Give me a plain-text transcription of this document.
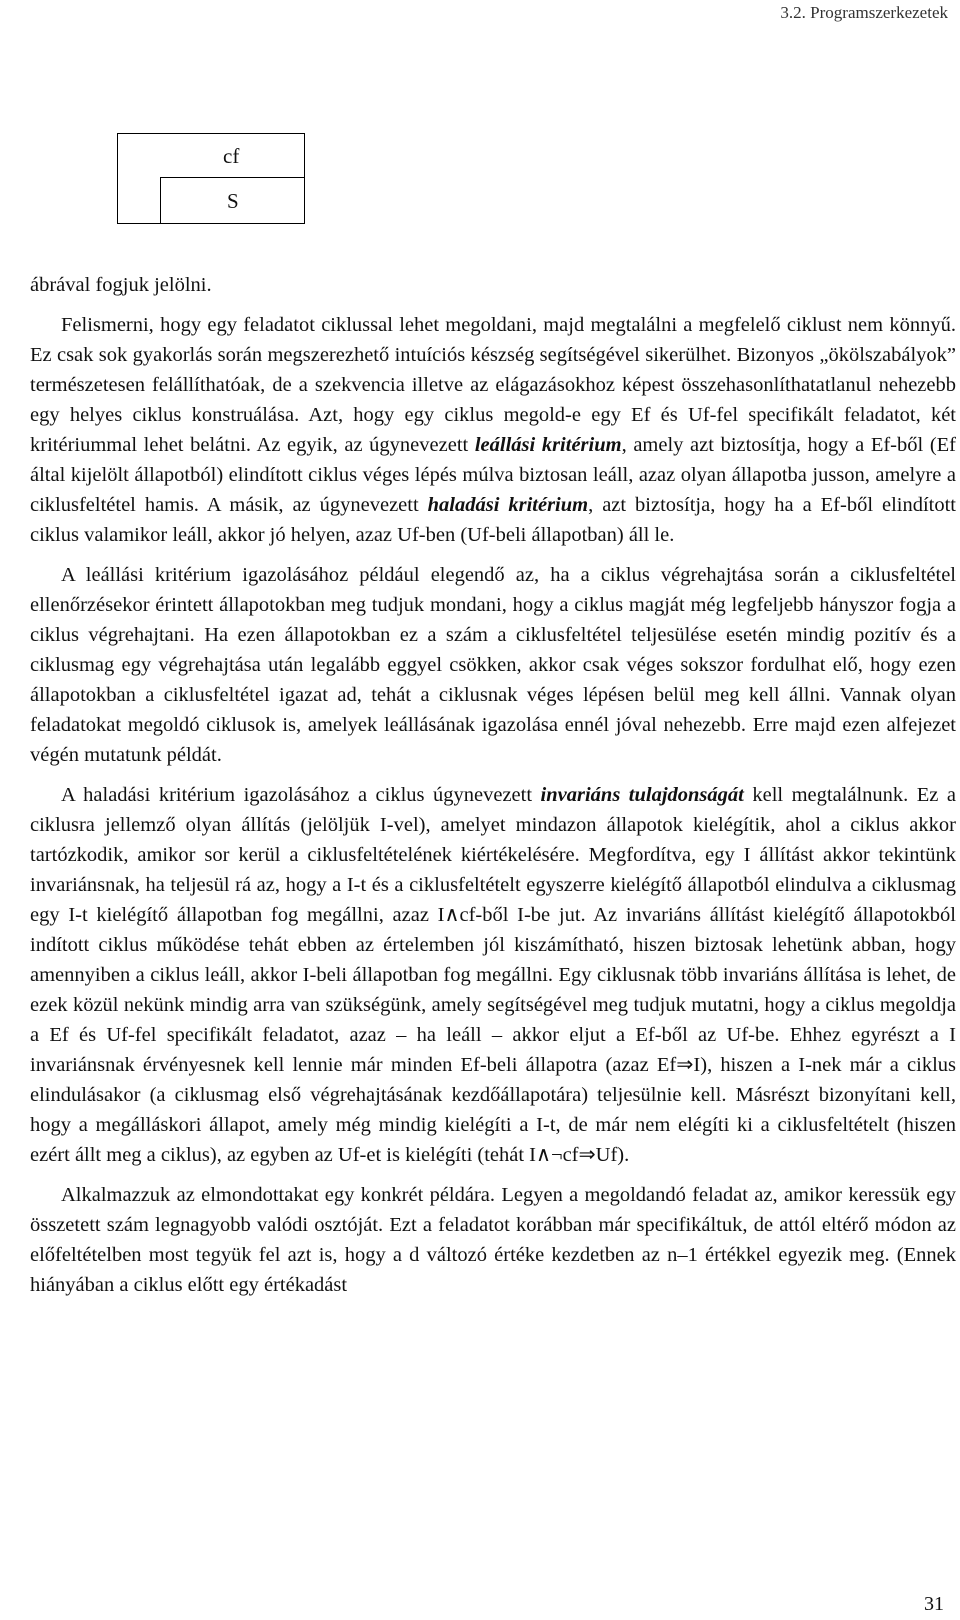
3.2. Programszerkezetek
cf
S

ábrával fogjuk jelölni.

Felismerni, hogy egy feladatot ciklussal lehet megoldani, majd megtalálni a megfelelő ciklust nem könnyű. Ez csak sok gyakorlás során megszerezhető intuíciós készség segítségével sikerülhet. Bizonyos „ökölszabályok” természetesen felállíthatóak, de a szekvencia illetve az elágazásokhoz képest összehasonlíthatatlanul nehezebb egy helyes ciklus konstruálása. Azt, hogy egy ciklus megold-e egy Ef és Uf-fel specifikált feladatot, két kritériummal lehet belátni. Az egyik, az úgynevezett leállási kritérium, amely azt biztosítja, hogy a Ef-ből (Ef által kijelölt állapotból) elindított ciklus véges lépés múlva biztosan leáll, azaz olyan állapotba jusson, amelyre a ciklusfeltétel hamis. A másik, az úgynevezett haladási kritérium, azt biztosítja, hogy ha a Ef-ből elindított ciklus valamikor leáll, akkor jó helyen, azaz Uf-ben (Uf-beli állapotban) áll le.

A leállási kritérium igazolásához például elegendő az, ha a ciklus végrehajtása során a ciklusfeltétel ellenőrzésekor érintett állapotokban meg tudjuk mondani, hogy a ciklus magját még legfeljebb hányszor fogja a ciklus végrehajtani. Ha ezen állapotokban ez a szám a ciklusfeltétel teljesülése esetén mindig pozitív és a ciklusmag egy végrehajtása után legalább eggyel csökken, akkor csak véges sokszor fordulhat elő, hogy ezen állapotokban a ciklusfeltétel igazat ad, tehát a ciklusnak véges lépésen belül meg kell állni. Vannak olyan feladatokat megoldó ciklusok is, amelyek leállásának igazolása ennél jóval nehezebb. Erre majd ezen alfejezet végén mutatunk példát.

A haladási kritérium igazolásához a ciklus úgynevezett invariáns tulajdonságát kell megtalálnunk. Ez a ciklusra jellemző olyan állítás (jelöljük I-vel), amelyet mindazon állapotok kielégítik, ahol a ciklus akkor tartózkodik, amikor sor kerül a ciklusfeltételének kiértékelésére. Megfordítva, egy I állítást akkor tekintünk invariánsnak, ha teljesül rá az, hogy a I-t és a ciklusfeltételt egyszerre kielégítő állapotból elindulva a ciklusmag egy I-t kielégítő állapotban fog megállni, azaz I∧cf-ből I-be jut. Az invariáns állítást kielégítő állapotokból indított ciklus működése tehát ebben az értelemben jól kiszámítható, hiszen biztosak lehetünk abban, hogy amennyiben a ciklus leáll, akkor I-beli állapotban fog megállni. Egy ciklusnak több invariáns állítása is lehet, de ezek közül nekünk mindig arra van szükségünk, amely segítségével meg tudjuk mutatni, hogy a ciklus megoldja a Ef és Uf-fel specifikált feladatot, azaz – ha leáll – akkor eljut a Ef-ből az Uf-be. Ehhez egyrészt a I invariánsnak érvényesnek kell lennie már minden Ef-beli állapotra (azaz Ef⇒I), hiszen a I-nek már a ciklus elindulásakor (a ciklusmag első végrehajtásának kezdőállapotára) teljesülnie kell. Másrészt bizonyítani kell, hogy a megálláskori állapot, amely még mindig kielégíti a I-t, de már nem elégíti ki a ciklusfeltételt (hiszen ezért állt meg a ciklus), az egyben az Uf-et is kielégíti (tehát I∧¬cf⇒Uf).

Alkalmazzuk az elmondottakat egy konkrét példára. Legyen a megoldandó feladat az, amikor keressük egy összetett szám legnagyobb valódi osztóját. Ezt a feladatot korábban már specifikáltuk, de attól eltérő módon az előfeltételben most tegyük fel azt is, hogy a d változó értéke kezdetben az n–1 értékkel egyezik meg. (Ennek hiányában a ciklus előtt egy értékadást

31
